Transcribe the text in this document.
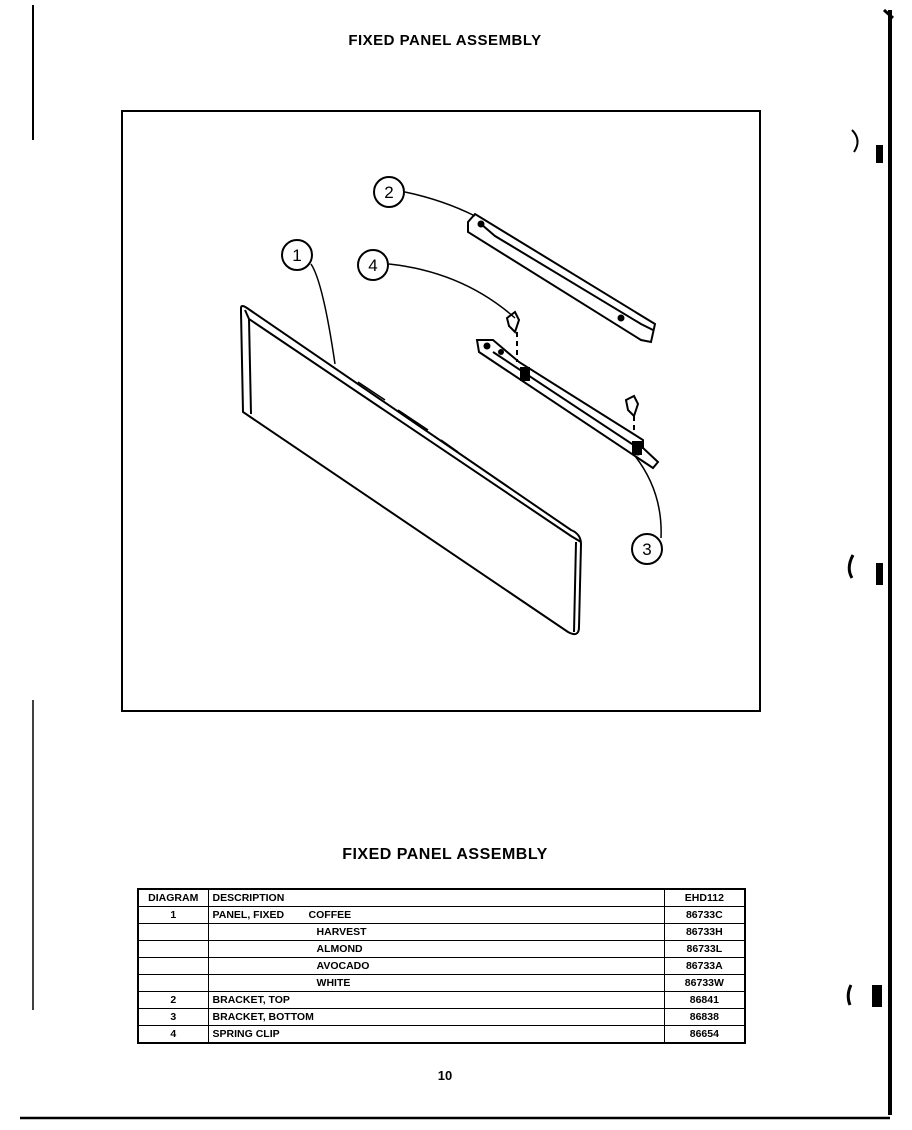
FIXED PANEL ASSEMBLY
1
2
3
4
FIXED PANEL ASSEMBLY
DIAGRAM	DESCRIPTION	EHD112
1	PANEL, FIXED COFFEE	86733C
	HARVEST	86733H
	ALMOND	86733L
	AVOCADO	86733A
	WHITE	86733W
2	BRACKET, TOP	86841
3	BRACKET, BOTTOM	86838
4	SPRING CLIP	86654
10
